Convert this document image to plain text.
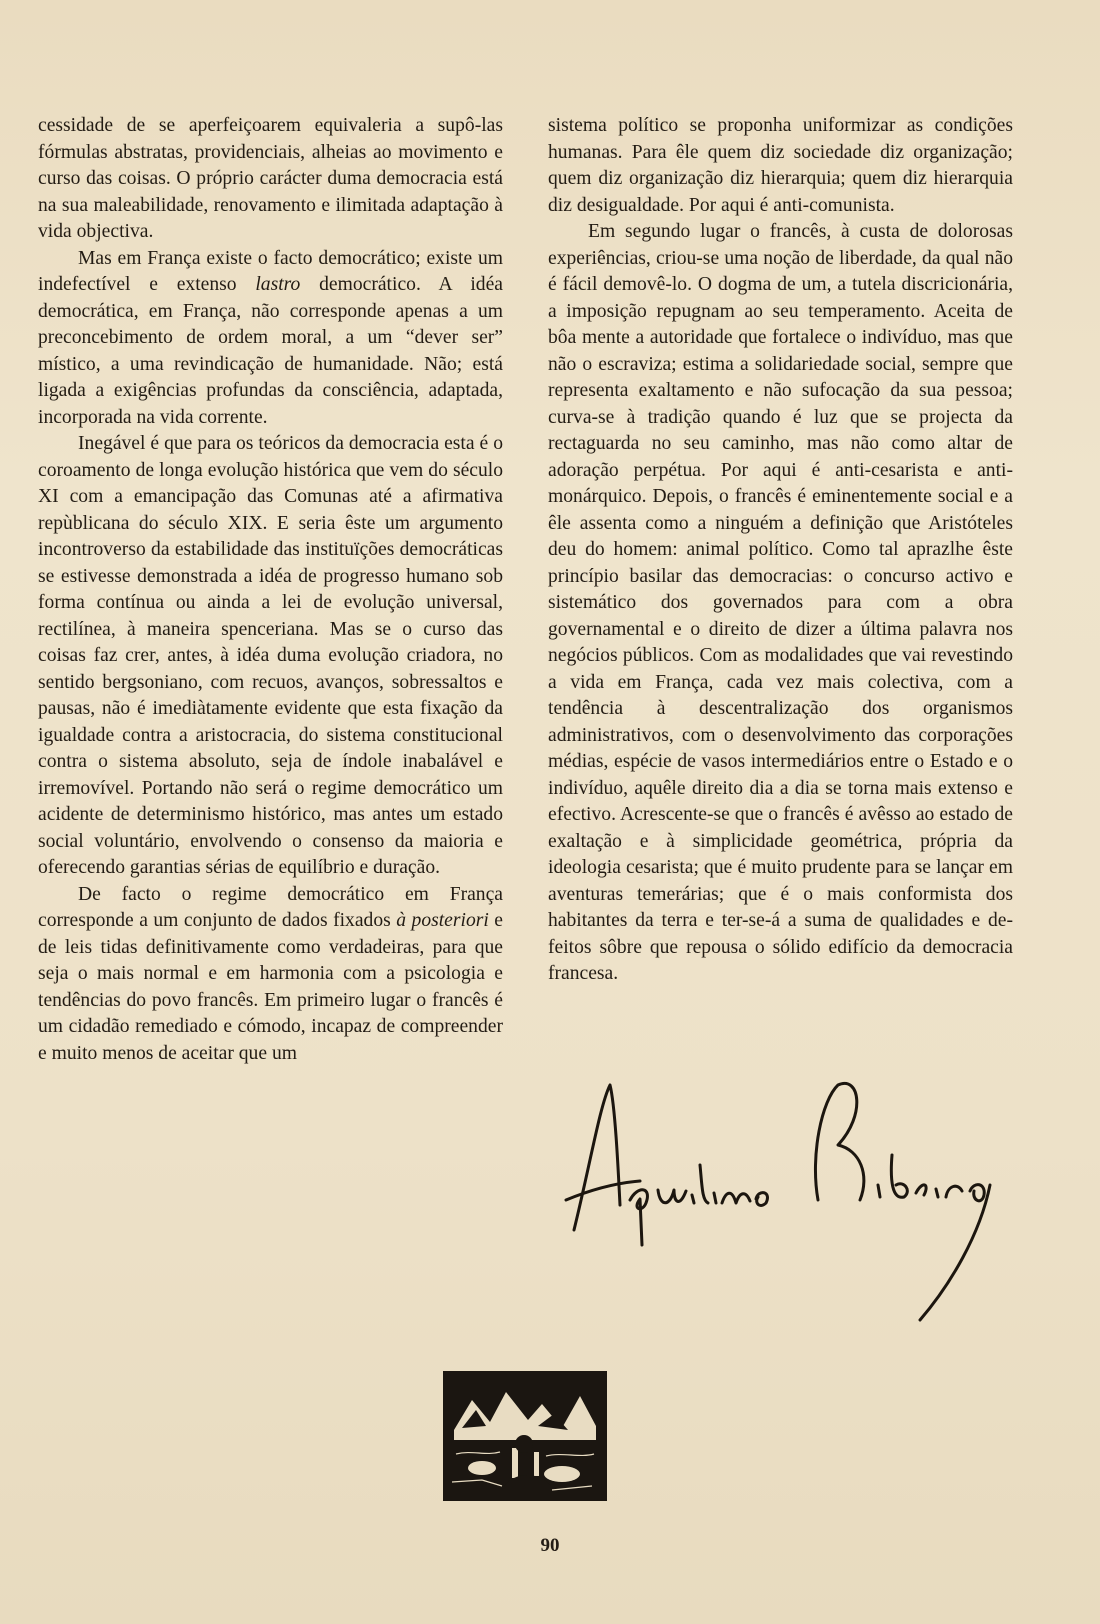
cessidade de se aperfeiçoarem equivaleria a supô-las fórmulas abstratas, providenciais, alheias ao movimento e curso das coisas. O próprio carácter duma democracia está na sua maleabilidade, renovamento e ilimitada adaptação à vida objectiva.

Mas em França existe o facto democrático; existe um indefectível e extenso lastro democrático. A idéa democrática, em França, não corresponde apenas a um preconcebimento de ordem moral, a um “dever ser” místico, a uma revindicação de humanidade. Não; está ligada a exigências profundas da consciência, adaptada, incorporada na vida corrente.

Inegável é que para os teóricos da democracia esta é o coroamento de longa evolução histórica que vem do século XI com a emancipação das Comunas até a afirmativa repùblicana do século XIX. E seria êste um argumento incontroverso da estabilidade das instituïções democráticas se estivesse demonstrada a idéa de progresso humano sob forma contínua ou ainda a lei de evolução universal, rectilínea, à maneira spenceriana. Mas se o curso das coisas faz crer, antes, à idéa duma evolução criadora, no sentido bergsoniano, com recuos, avanços, sobressaltos e pausas, não é imediàtamente evidente que esta fixação da igualdade contra a aristocracia, do sistema constitucional contra o sistema absoluto, seja de índole inabalável e irremovível. Portando não será o regime democrático um acidente de determinismo histórico, mas antes um estado social voluntário, envolvendo o consenso da maioria e oferecendo garantias sérias de equilíbrio e duração.

De facto o regime democrático em França corresponde a um conjunto de dados fixados à posteriori e de leis tidas definitivamente como verdadeiras, para que seja o mais normal e em harmonia com a psicologia e tendências do povo francês. Em primeiro lugar o francês é um cidadão remediado e cómodo, incapaz de compreender e muito menos de aceitar que um

sistema político se proponha uniformizar as condições humanas. Para êle quem diz sociedade diz organização; quem diz organização diz hierarquia; quem diz hierarquia diz desigualdade. Por aqui é anti-comunista.

Em segundo lugar o francês, à custa de dolorosas experiências, criou-se uma noção de liberdade, da qual não é fácil demovê-lo. O dogma de um, a tutela discricionária, a imposição repugnam ao seu temperamento. Aceita de bôa mente a autoridade que fortalece o indivíduo, mas que não o escraviza; estima a solidariedade social, sempre que representa exaltamento e não sufocação da sua pessoa; curva-se à tradição quando é luz que se projecta da rectaguarda no seu caminho, mas não como altar de adoração perpétua. Por aqui é anti-cesarista e anti-monárquico. Depois, o francês é eminentemente social e a êle assenta como a ninguém a definição que Aristóteles deu do homem: animal político. Como tal aprazlhe êste princípio basilar das democracias: o concurso activo e sistemático dos governados para com a obra governamental e o direito de dizer a última palavra nos negócios públicos. Com as modalidades que vai revestindo a vida em França, cada vez mais colectiva, com a tendência à descentralização dos organismos administrativos, com o desenvolvimento das corporações médias, espécie de vasos intermediários entre o Estado e o indivíduo, aquêle direito dia a dia se torna mais extenso e efectivo. Acrescente-se que o francês é avêsso ao estado de exaltação e à simplicidade geométrica, própria da ideologia cesarista; que é muito prudente para se lançar em aventuras temerárias; que é o mais conformista dos habitantes da terra e ter-se-á a suma de qualidades e defeitos sôbre que repousa o sólido edifício da democracia francesa.

90
